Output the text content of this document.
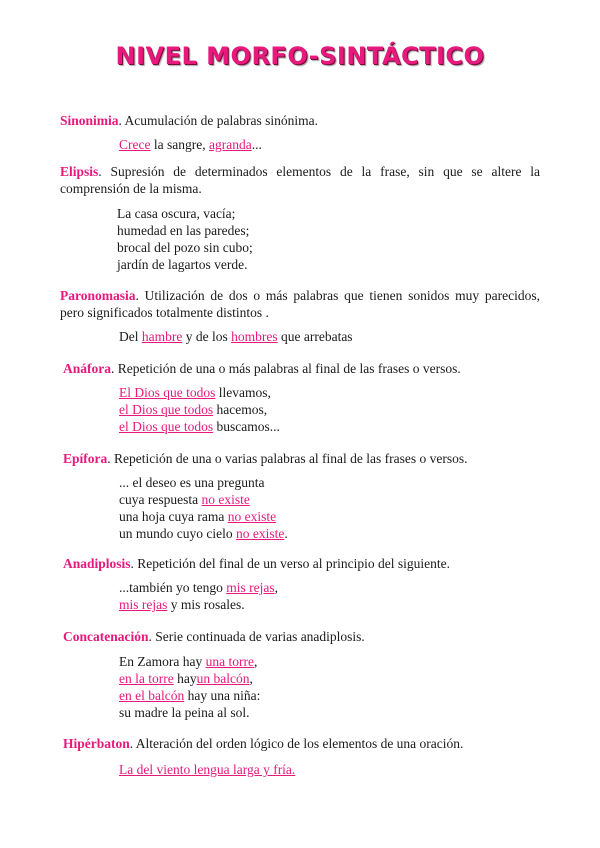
NIVEL MORFO-SINTÁCTICO
Sinonimia. Acumulación de palabras sinónima.
Crece la sangre, agranda...
Elipsis. Supresión de determinados elementos de la frase, sin que se altere la comprensión de la misma.
La casa oscura, vacía;
humedad en las paredes;
brocal del pozo sin cubo;
jardín de lagartos verde.
Paronomasia. Utilización de dos o más palabras que tienen sonidos muy parecidos, pero significados totalmente distintos .
Del hambre y de los hombres que arrebatas
Anáfora. Repetición de una o más palabras al final de las frases o versos.
El Dios que todos llevamos,
el Dios que todos hacemos,
el Dios que todos buscamos...
Epífora. Repetición de una o varias palabras al final de las frases o versos.
... el deseo es una pregunta
cuya respuesta no existe
una hoja cuya rama no existe
un mundo cuyo cielo no existe.
Anadiplosis. Repetición del final de un verso al principio del siguiente.
...también yo tengo mis rejas,
mis rejas y mis rosales.
Concatenación. Serie continuada de varias anadiplosis.
En Zamora hay una torre,
en la torre hayun balcón,
en el balcón hay una niña:
su madre la peina al sol.
Hipérbaton. Alteración del orden lógico de los elementos de una oración.
La del viento lengua larga y fría.
